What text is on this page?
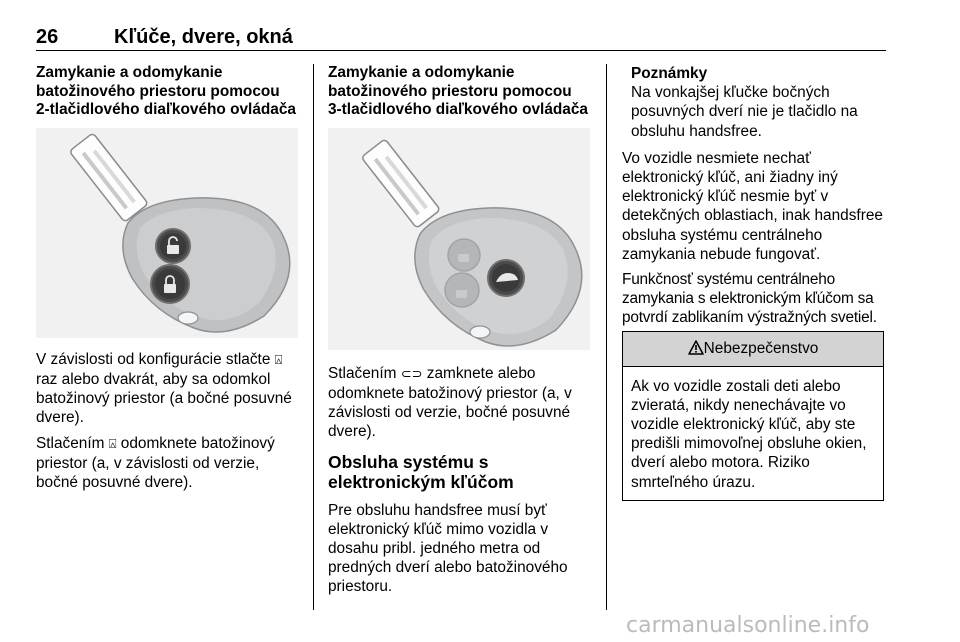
26	Kľúče, dvere, okná
Zamykanie a odomykanie
batožinového priestoru pomocou
2-tlačidlového diaľkového ovládača

V závislosti od konfigurácie stlačte ⍓ raz alebo dvakrát, aby sa odomkol batožinový priestor (a bočné posuvné dvere).

Stlačením ⍓ odomknete batožinový priestor (a, v závislosti od verzie, bočné posuvné dvere).

Zamykanie a odomykanie
batožinového priestoru pomocou
3-tlačidlového diaľkového ovládača

Stlačením ⊂⊃ zamknete alebo odomknete batožinový priestor (a, v závislosti od verzie, bočné posuvné dvere).

Obsluha systému s elektronickým kľúčom

Pre obsluhu handsfree musí byť elektronický kľúč mimo vozidla v dosahu pribl. jedného metra od predných dverí alebo batožinového priestoru.

Poznámky

Na vonkajšej kľučke bočných posuvných dverí nie je tlačidlo na obsluhu handsfree.

Vo vozidle nesmiete nechať elektronický kľúč, ani žiadny iný elektronický kľúč nesmie byť v detekčných oblastiach, inak handsfree obsluha systému centrálneho zamykania nebude fungovať.

Funkčnosť systému centrálneho zamykania s elektronickým kľúčom sa potvrdí zablikaním výstražných svetiel.

Nebezpečenstvo
Ak vo vozidle zostali deti alebo zvieratá, nikdy nenechávajte vo vozidle elektronický kľúč, aby ste predišli mimovoľnej obsluhe okien, dverí alebo motora. Riziko smrteľného úrazu.
carmanualsonline.info
